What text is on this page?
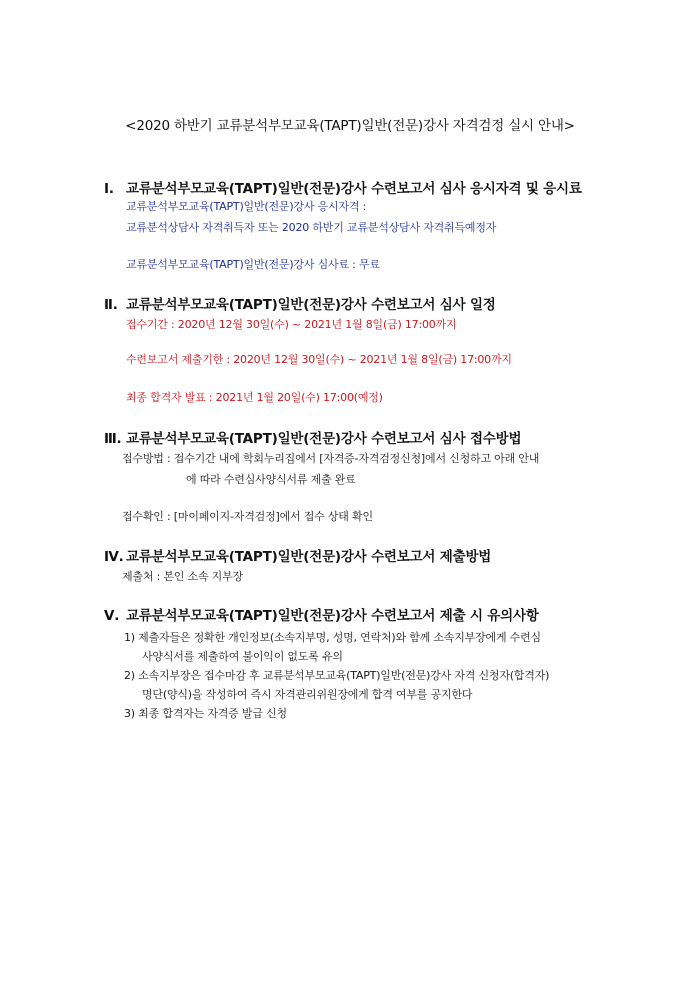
<2020 하반기 교류분석부모교육(TAPT)일반(전문)강사 자격검정 실시 안내>
Ⅰ. 교류분석부모교육(TAPT)일반(전문)강사 수련보고서 심사 응시자격 및 응시료
교류분석부모교육(TAPT)일반(전문)강사 응시자격 :
교류분석상담사 자격취득자 또는 2020 하반기 교류분석상담사 자격취득예정자
교류분석부모교육(TAPT)일반(전문)강사 심사료 : 무료
Ⅱ. 교류분석부모교육(TAPT)일반(전문)강사 수련보고서 심사 일정
접수기간 : 2020년 12월 30일(수) ~ 2021년 1월 8일(금) 17:00까지
수련보고서 제출기한 : 2020년 12월 30일(수) ~ 2021년 1월 8일(금) 17:00까지
최종 합격자 발표 : 2021년 1월 20일(수) 17:00(예정)
Ⅲ. 교류분석부모교육(TAPT)일반(전문)강사 수련보고서 심사 접수방법
접수방법 : 접수기간 내에 학회누리집에서 [자격증-자격검정신청]에서 신청하고 아래 안내
에 따라 수련심사양식서류 제출 완료
접수확인 : [마이페이지-자격검정]에서 접수 상태 확인
Ⅳ. 교류분석부모교육(TAPT)일반(전문)강사 수련보고서 제출방법
제출처 : 본인 소속 지부장
Ⅴ. 교류분석부모교육(TAPT)일반(전문)강사 수련보고서 제출 시 유의사항
1) 제출자들은 정확한 개인정보(소속지부명, 성명, 연락처)와 함께 소속지부장에게 수련심
사양식서를 제출하여 불이익이 없도록 유의
2) 소속지부장은 접수마감 후 교류분석부모교육(TAPT)일반(전문)강사 자격 신청자(합격자)
명단(양식)을 작성하여 즉시 자격관리위원장에게 합격 여부를 공지한다
3) 최종 합격자는 자격증 발급 신청
